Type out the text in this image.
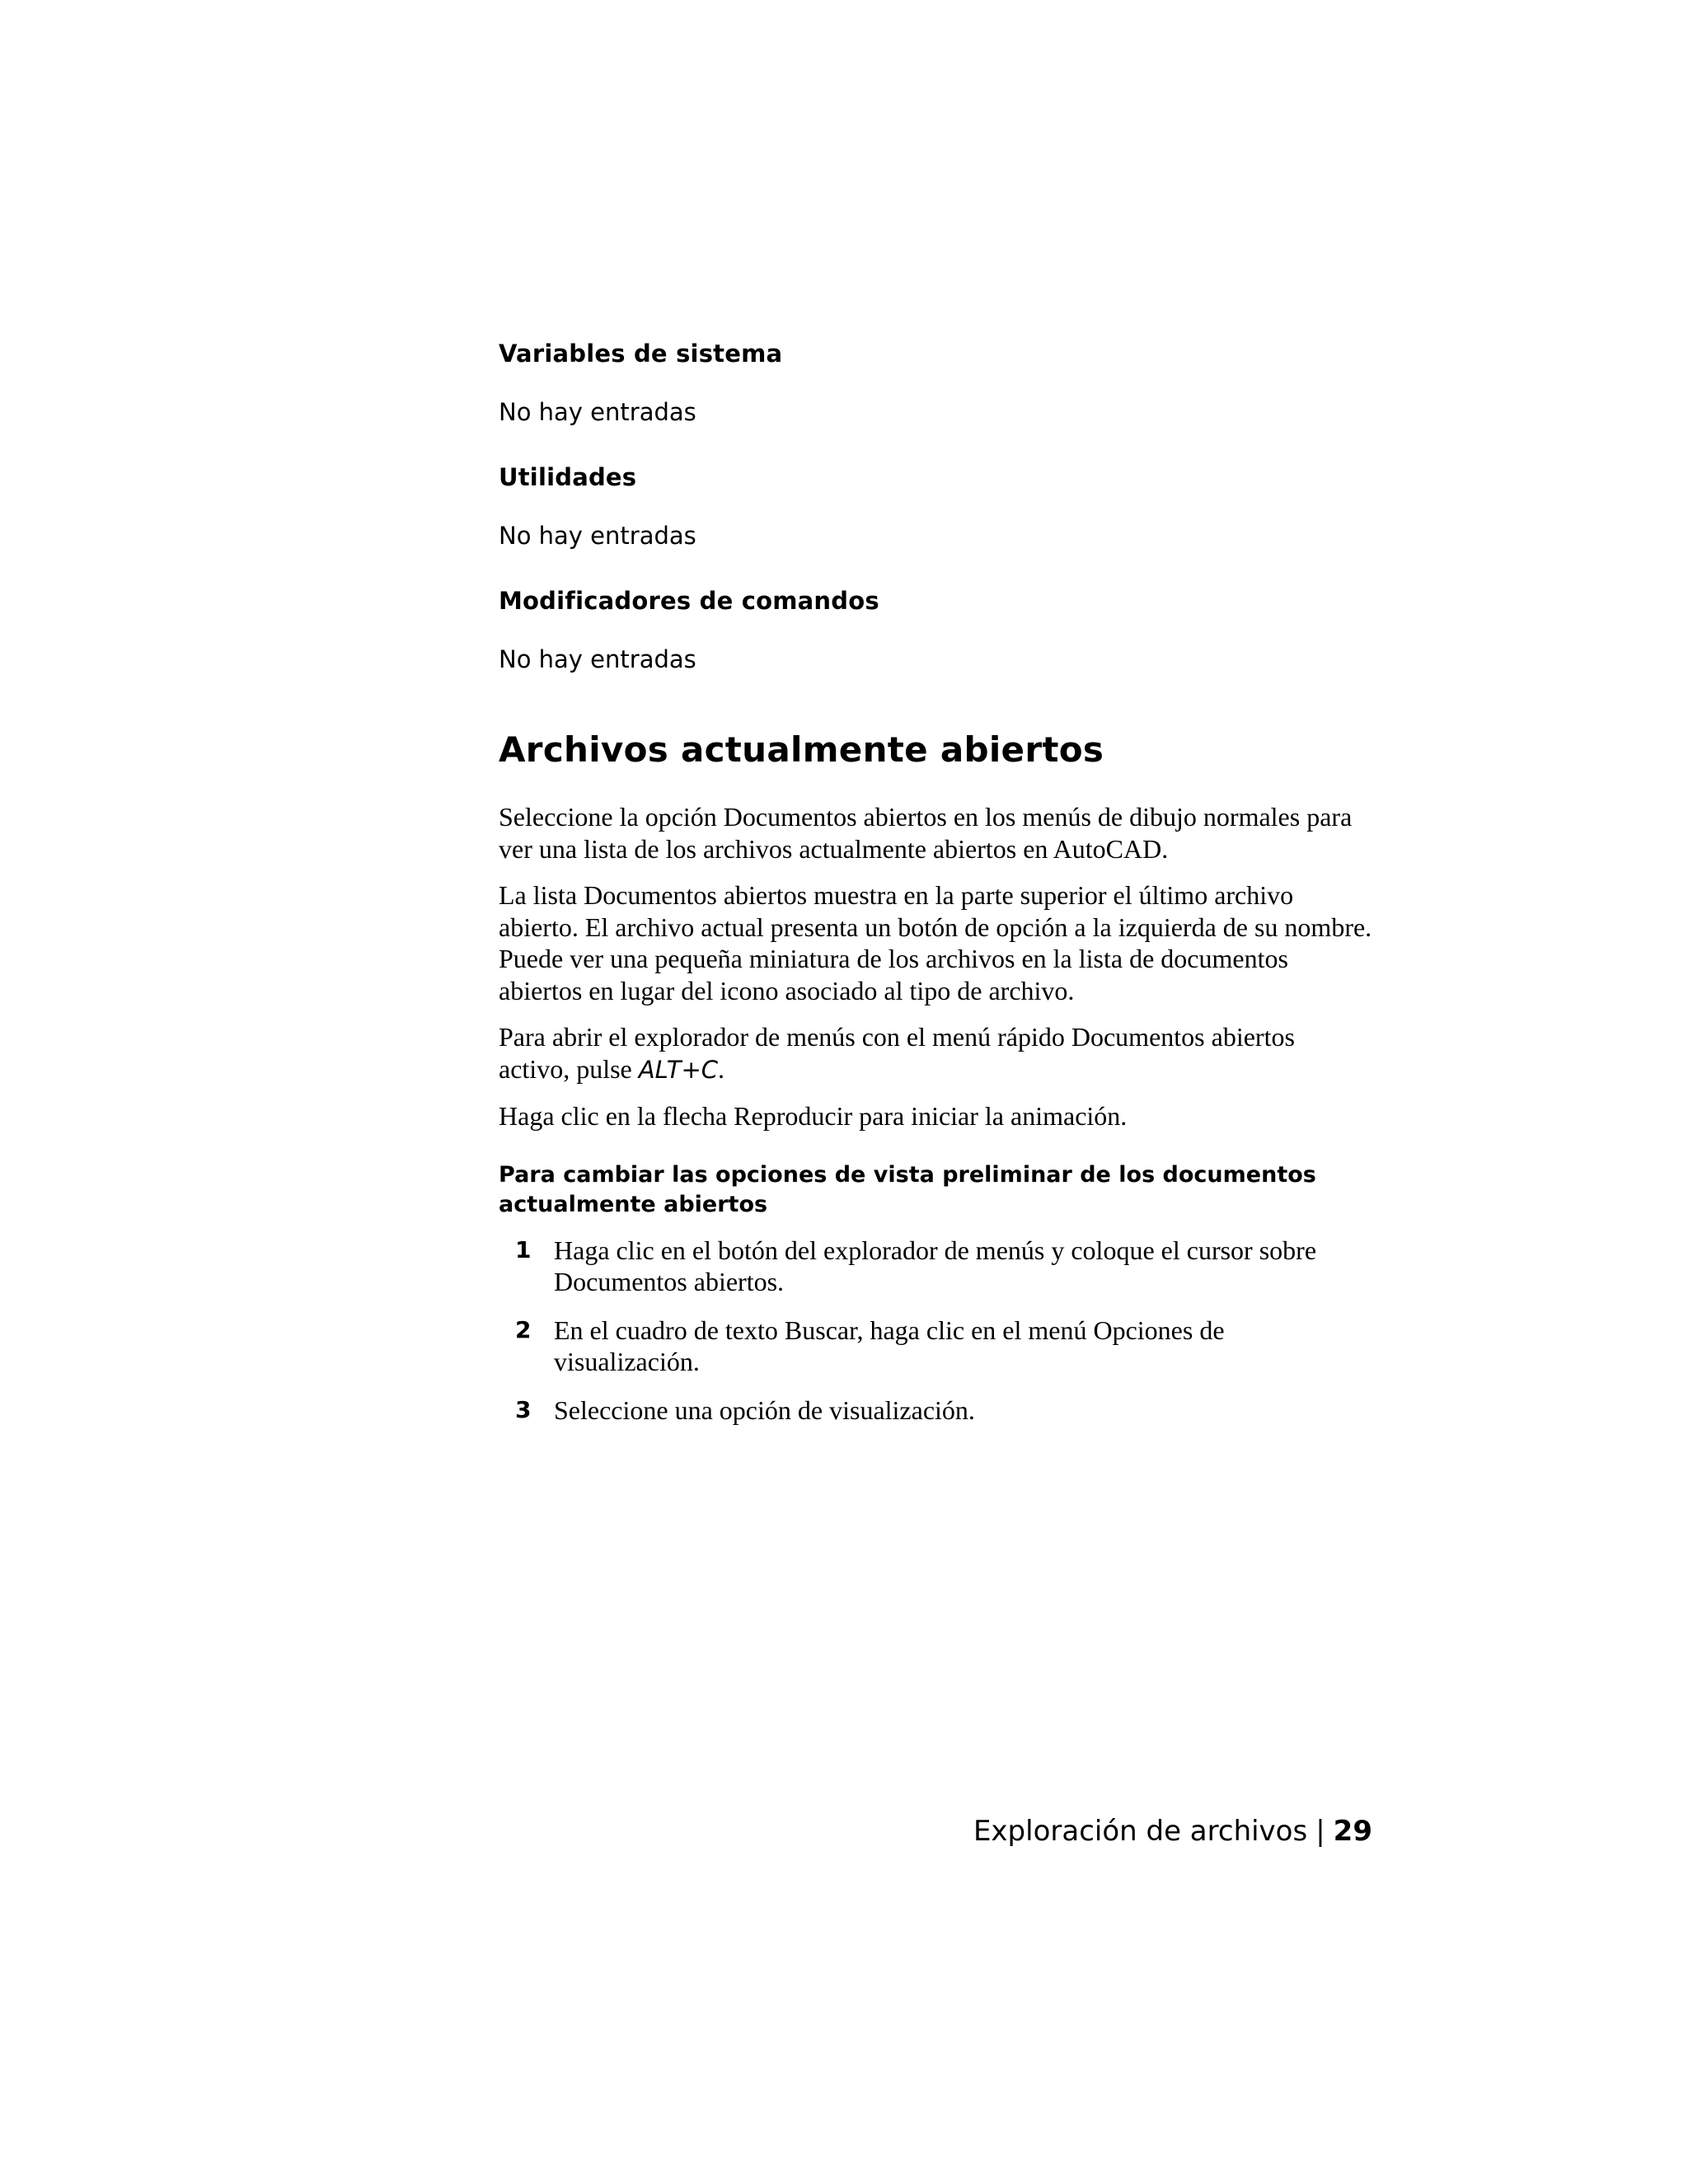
Variables de sistema

No hay entradas

Utilidades

No hay entradas

Modificadores de comandos

No hay entradas

Archivos actualmente abiertos

Seleccione la opción Documentos abiertos en los menús de dibujo normales para ver una lista de los archivos actualmente abiertos en AutoCAD.

La lista Documentos abiertos muestra en la parte superior el último archivo abierto. El archivo actual presenta un botón de opción a la izquierda de su nombre. Puede ver una pequeña miniatura de los archivos en la lista de documentos abiertos en lugar del icono asociado al tipo de archivo.

Para abrir el explorador de menús con el menú rápido Documentos abiertos activo, pulse ALT+C.

Haga clic en la flecha Reproducir para iniciar la animación.

Para cambiar las opciones de vista preliminar de los documentos actualmente abiertos

1 Haga clic en el botón del explorador de menús y coloque el cursor sobre Documentos abiertos.
2 En el cuadro de texto Buscar, haga clic en el menú Opciones de visualización.
3 Seleccione una opción de visualización.
Exploración de archivos | 29
